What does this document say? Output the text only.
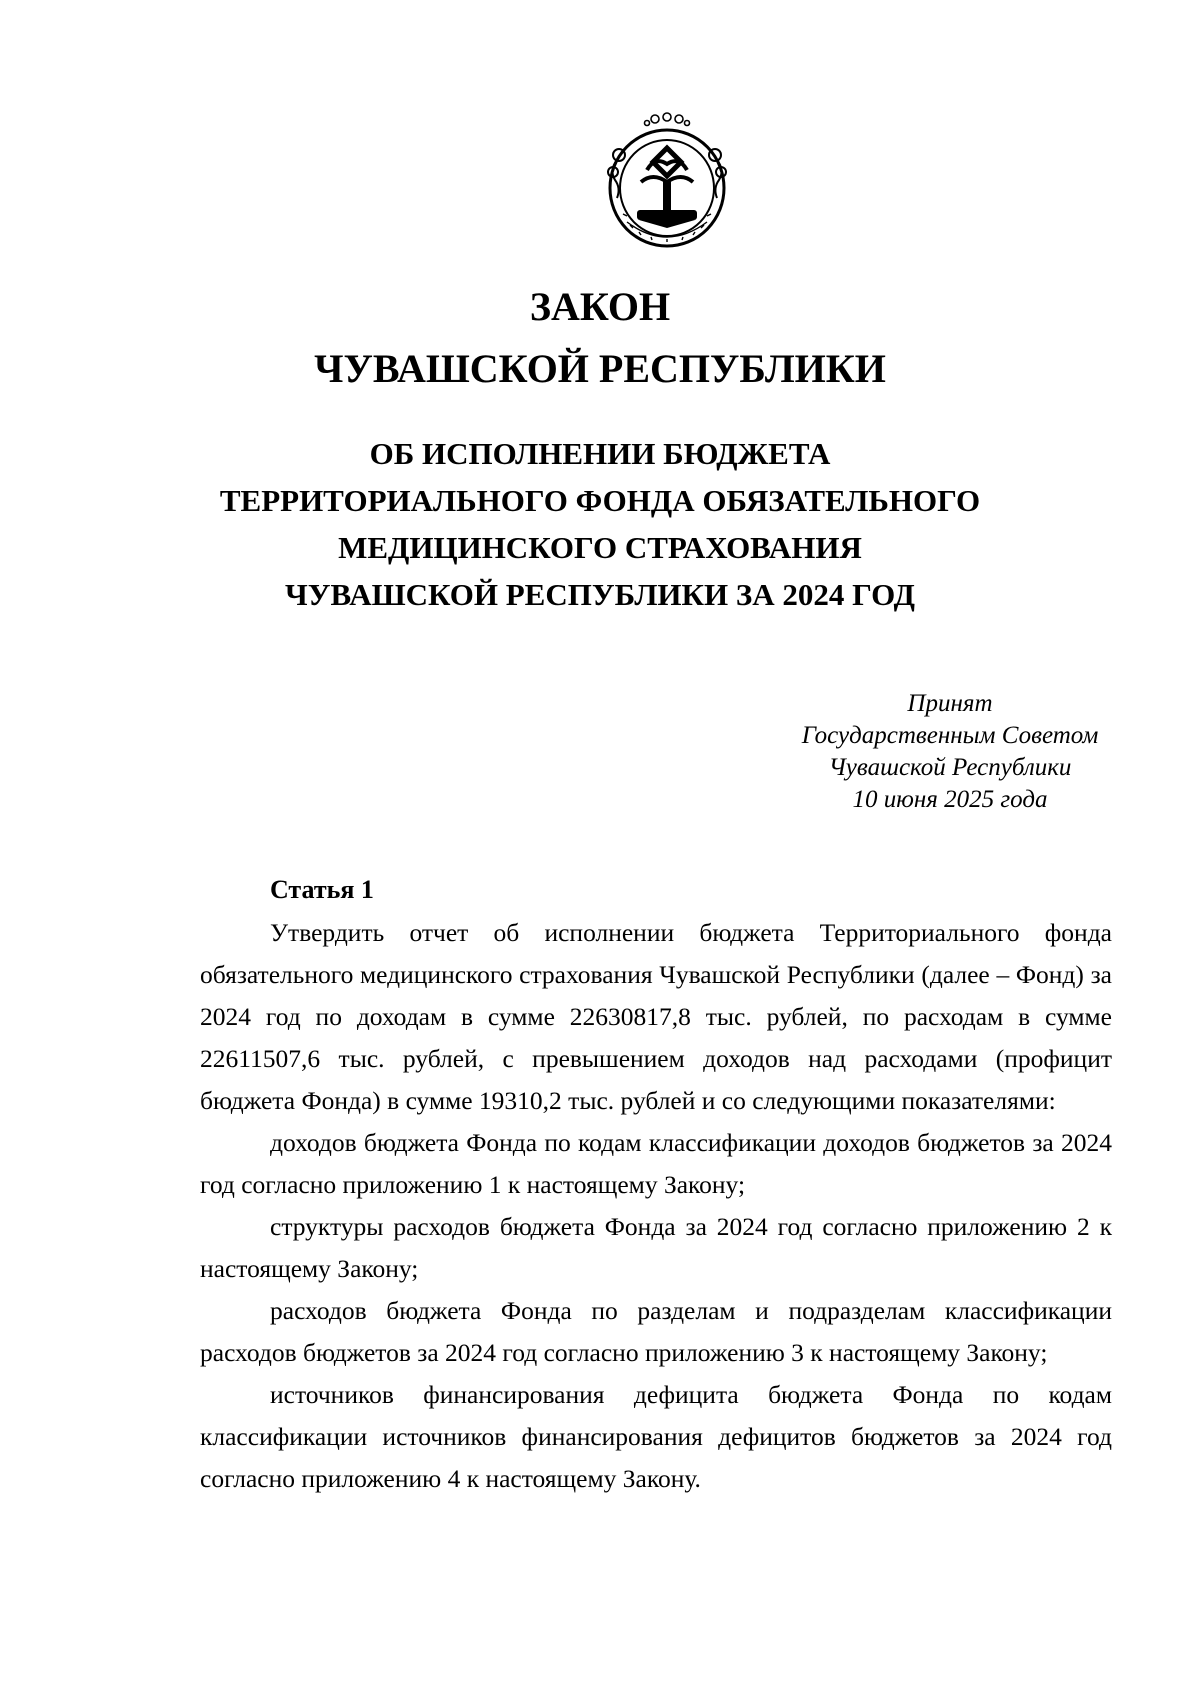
ЗАКОН
ЧУВАШСКОЙ РЕСПУБЛИКИ
ОБ ИСПОЛНЕНИИ БЮДЖЕТА
ТЕРРИТОРИАЛЬНОГО ФОНДА ОБЯЗАТЕЛЬНОГО
МЕДИЦИНСКОГО СТРАХОВАНИЯ
ЧУВАШСКОЙ РЕСПУБЛИКИ ЗА 2024 ГОД
Принят
Государственным Советом
Чувашской Республики
10 июня 2025 года
Статья 1

Утвердить отчет об исполнении бюджета Территориального фонда обязательного медицинского страхования Чувашской Республики (далее – Фонд) за 2024 год по доходам в сумме 22630817,8 тыс. рублей, по расходам в сумме 22611507,6 тыс. рублей, с превышением доходов над расходами (профицит бюджета Фонда) в сумме 19310,2 тыс. рублей и со следующими показателями:

доходов бюджета Фонда по кодам классификации доходов бюджетов за 2024 год согласно приложению 1 к настоящему Закону;

структуры расходов бюджета Фонда за 2024 год согласно приложению 2 к настоящему Закону;

расходов бюджета Фонда по разделам и подразделам классификации расходов бюджетов за 2024 год согласно приложению 3 к настоящему Закону;

источников финансирования дефицита бюджета Фонда по кодам классификации источников финансирования дефицитов бюджетов за 2024 год согласно приложению 4 к настоящему Закону.
